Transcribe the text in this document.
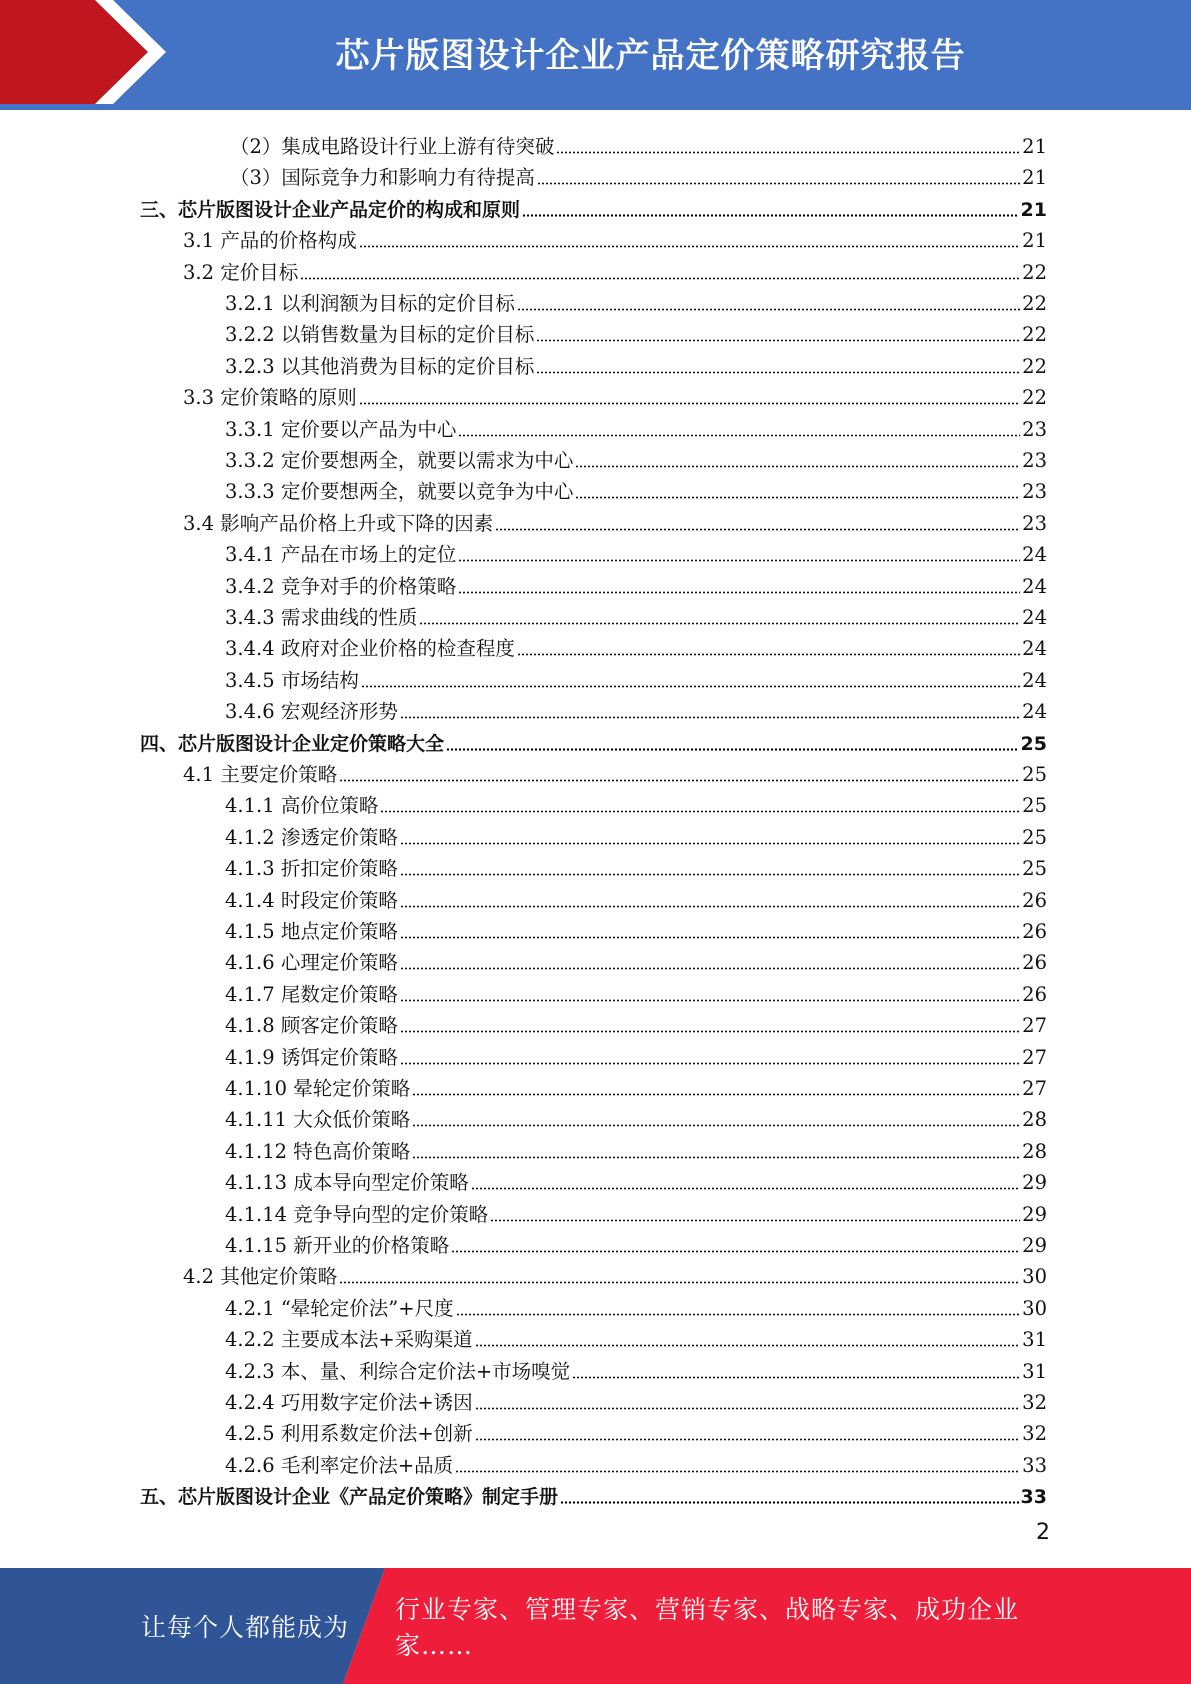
芯片版图设计企业产品定价策略研究报告
（2）集成电路设计行业上游有待突破	21
（3）国际竞争力和影响力有待提高	21
三、芯片版图设计企业产品定价的构成和原则	21
3.1 产品的价格构成	21
3.2 定价目标	22
3.2.1 以利润额为目标的定价目标	22
3.2.2 以销售数量为目标的定价目标	22
3.2.3 以其他消费为目标的定价目标	22
3.3 定价策略的原则	22
3.3.1 定价要以产品为中心	23
3.3.2 定价要想两全，就要以需求为中心	23
3.3.3 定价要想两全，就要以竞争为中心	23
3.4 影响产品价格上升或下降的因素	23
3.4.1 产品在市场上的定位	24
3.4.2 竞争对手的价格策略	24
3.4.3 需求曲线的性质	24
3.4.4 政府对企业价格的检查程度	24
3.4.5 市场结构	24
3.4.6 宏观经济形势	24
四、芯片版图设计企业定价策略大全	25
4.1 主要定价策略	25
4.1.1 高价位策略	25
4.1.2 渗透定价策略	25
4.1.3 折扣定价策略	25
4.1.4 时段定价策略	26
4.1.5 地点定价策略	26
4.1.6 心理定价策略	26
4.1.7 尾数定价策略	26
4.1.8 顾客定价策略	27
4.1.9 诱饵定价策略	27
4.1.10 晕轮定价策略	27
4.1.11 大众低价策略	28
4.1.12 特色高价策略	28
4.1.13 成本导向型定价策略	29
4.1.14 竞争导向型的定价策略	29
4.1.15 新开业的价格策略	29
4.2 其他定价策略	30
4.2.1 “晕轮定价法”+尺度	30
4.2.2 主要成本法+采购渠道	31
4.2.3 本、量、利综合定价法+市场嗅觉	31
4.2.4 巧用数字定价法+诱因	32
4.2.5 利用系数定价法+创新	32
4.2.6 毛利率定价法+品质	33
五、芯片版图设计企业《产品定价策略》制定手册	33
2
让每个人都能成为
行业专家、管理专家、营销专家、战略专家、成功企业家……
